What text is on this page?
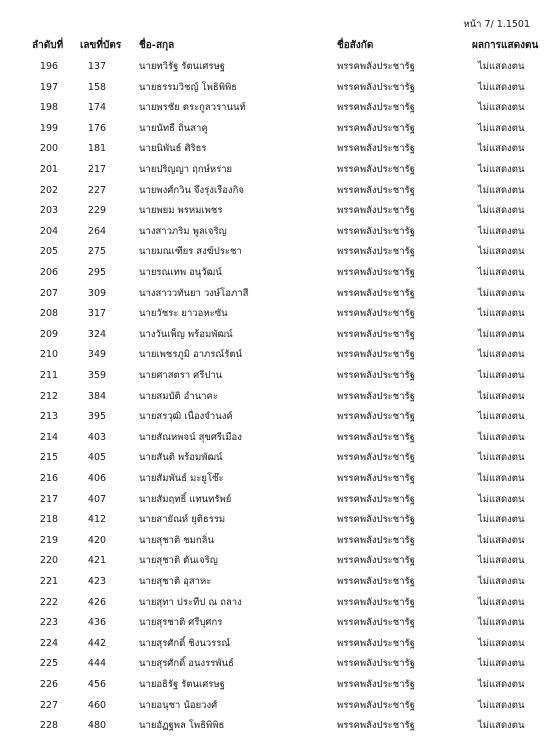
หน้า 7/ 1.1501
ลำดับที่ เลขที่บัตร ชื่อ-สกุล	ชื่อสังกัด	ผลการแสดงตน
196	137	นายทวิรัฐ รัตนเศรษฐ	พรรคพลังประชารัฐ	ไม่แสดงตน
197	158	นายธรรมวิชญ์ โพธิพิพิธ	พรรคพลังประชารัฐ	ไม่แสดงตน
198	174	นายพรชัย ตระกูลวรานนท์	พรรคพลังประชารัฐ	ไม่แสดงตน
199	176	นายนัทธี ถิ่นสาคู	พรรคพลังประชารัฐ	ไม่แสดงตน
200	181	นายนิพันธ์ ศิริธร	พรรคพลังประชารัฐ	ไม่แสดงตน
201	217	นายปริญญา ฤกษ์หร่าย	พรรคพลังประชารัฐ	ไม่แสดงตน
202	227	นายพงศ์กวิน จึงรุ่งเรืองกิจ	พรรคพลังประชารัฐ	ไม่แสดงตน
203	229	นายพยม พรหมเพชร	พรรคพลังประชารัฐ	ไม่แสดงตน
204	264	นางสาวภริม พูลเจริญ	พรรคพลังประชารัฐ	ไม่แสดงตน
205	275	นายมณเฑียร สงฆ์ประชา	พรรคพลังประชารัฐ	ไม่แสดงตน
206	295	นายรณเทพ อนุวัฒน์	พรรคพลังประชารัฐ	ไม่แสดงตน
207	309	นางสาววทันยา วงษ์โอภาสี	พรรคพลังประชารัฐ	ไม่แสดงตน
208	317	นายวัชระ ยาวอหะซัน	พรรคพลังประชารัฐ	ไม่แสดงตน
209	324	นางวันเพ็ญ พร้อมพัฒน์	พรรคพลังประชารัฐ	ไม่แสดงตน
210	349	นายเพชรภูมิ อาภรณ์รัตน์	พรรคพลังประชารัฐ	ไม่แสดงตน
211	359	นายศาสตรา ศรีปาน	พรรคพลังประชารัฐ	ไม่แสดงตน
212	384	นายสมบัติ อำนาคะ	พรรคพลังประชารัฐ	ไม่แสดงตน
213	395	นายสรวุฒิ เนื่องจำนงค์	พรรคพลังประชารัฐ	ไม่แสดงตน
214	403	นายสัณหพจน์ สุขศรีเมือง	พรรคพลังประชารัฐ	ไม่แสดงตน
215	405	นายสันติ พร้อมพัฒน์	พรรคพลังประชารัฐ	ไม่แสดงตน
216	406	นายสัมพันธ์ มะยูโซ๊ะ	พรรคพลังประชารัฐ	ไม่แสดงตน
217	407	นายสัมฤทธิ์ แทนทรัพย์	พรรคพลังประชารัฐ	ไม่แสดงตน
218	412	นายสายัณห์ ยุติธรรม	พรรคพลังประชารัฐ	ไม่แสดงตน
219	420	นายสุชาติ ชมกลิ่น	พรรคพลังประชารัฐ	ไม่แสดงตน
220	421	นายสุชาติ ตันเจริญ	พรรคพลังประชารัฐ	ไม่แสดงตน
221	423	นายสุชาติ อุสาหะ	พรรคพลังประชารัฐ	ไม่แสดงตน
222	426	นายสุทา ประทีป ณ ถลาง	พรรคพลังประชารัฐ	ไม่แสดงตน
223	436	นายสุรชาติ ศรีบุศกร	พรรคพลังประชารัฐ	ไม่แสดงตน
224	442	นายสุรศักดิ์ ชิงนวรรณ์	พรรคพลังประชารัฐ	ไม่แสดงตน
225	444	นายสุรศักดิ์ อนงรรพันธ์	พรรคพลังประชารัฐ	ไม่แสดงตน
226	456	นายอธิรัฐ รัตนเศรษฐ	พรรคพลังประชารัฐ	ไม่แสดงตน
227	460	นายอนุชา น้อยวงศ์	พรรคพลังประชารัฐ	ไม่แสดงตน
228	480	นายอัฏฐพล โพธิพิพิธ	พรรคพลังประชารัฐ	ไม่แสดงตน
